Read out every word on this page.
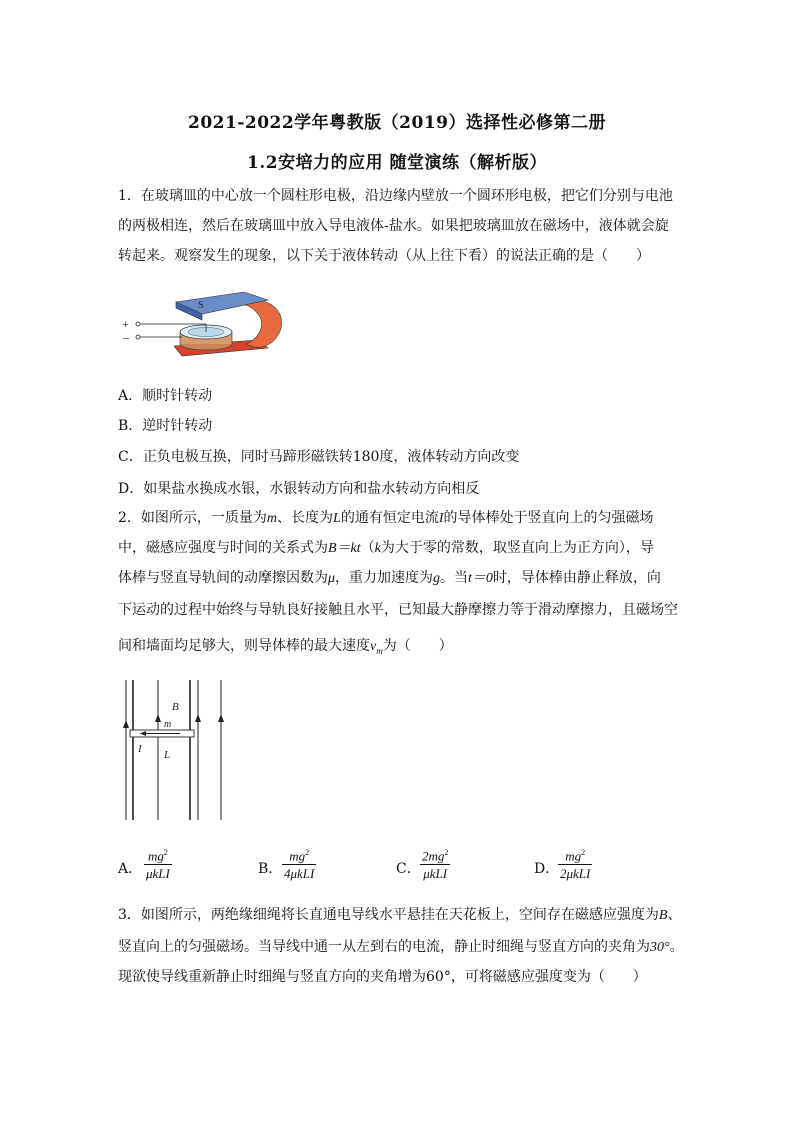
2021-2022学年粤教版（2019）选择性必修第二册
1.2安培力的应用 随堂演练（解析版）
1．在玻璃皿的中心放一个圆柱形电极，沿边缘内壁放一个圆环形电极，把它们分别与电池
的两极相连，然后在玻璃皿中放入导电液体-盐水。如果把玻璃皿放在磁场中，液体就会旋
转起来。观察发生的现象，以下关于液体转动（从上往下看）的说法正确的是（　　）
S
+
–
A．顺时针转动
B．逆时针转动
C．正负电极互换，同时马蹄形磁铁转180度，液体转动方向改变
D．如果盐水换成水银，水银转动方向和盐水转动方向相反
2．如图所示，一质量为m、长度为L的通有恒定电流I的导体棒处于竖直向上的匀强磁场
中，磁感应强度与时间的关系式为B＝kt（k为大于零的常数，取竖直向上为正方向），导
体棒与竖直导轨间的动摩擦因数为μ，重力加速度为g。当t＝0时，导体棒由静止释放，向
下运动的过程中始终与导轨良好接触且水平，已知最大静摩擦力等于滑动摩擦力，且磁场空
间和墙面均足够大，则导体棒的最大速度$v_m$为（　　）
B
m
I L
A．
$mg^2$
μkLI	B．
$mg^2$
4μkLI	C．
$2mg^2$
μkLI	D．
$mg^2$
2μkLI
3．如图所示，两绝缘细绳将长直通电导线水平悬挂在天花板上，空间存在磁感应强度为B、
竖直向上的匀强磁场。当导线中通一从左到右的电流，静止时细绳与竖直方向的夹角为30°。
现欲使导线重新静止时细绳与竖直方向的夹角增为60°，可将磁感应强度变为（　　）
